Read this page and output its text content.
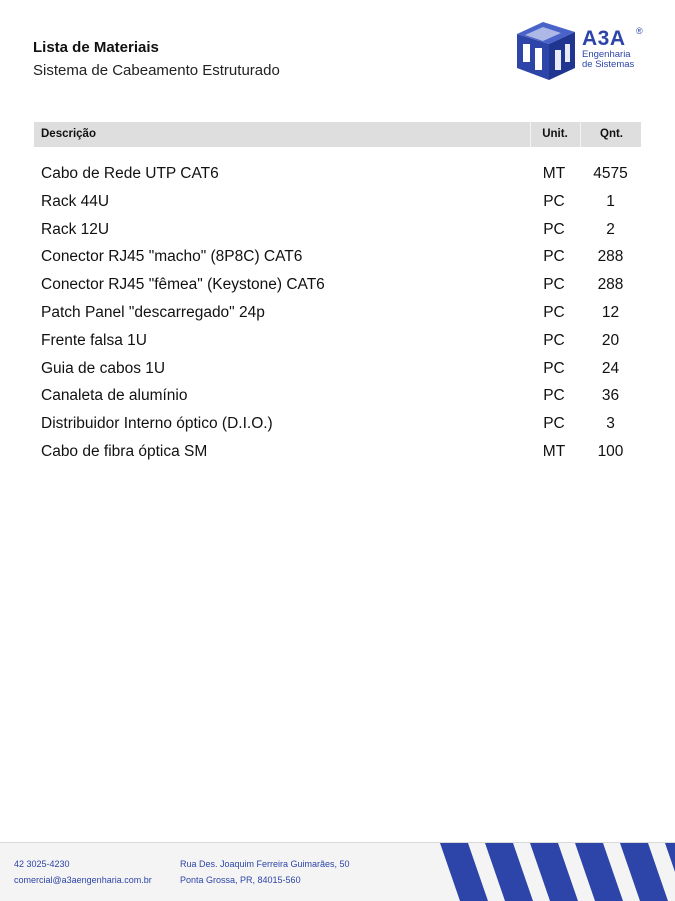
Lista de Materiais
Sistema de Cabeamento Estruturado
A3A ®
Engenharia
de Sistemas
Descrição	Unit.	Qnt.
Cabo de Rede UTP CAT6	MT	4575
Rack 44U	PC	1
Rack 12U	PC	2
Conector RJ45 "macho" (8P8C) CAT6	PC	288
Conector RJ45 "fêmea" (Keystone) CAT6	PC	288
Patch Panel "descarregado" 24p	PC	12
Frente falsa 1U	PC	20
Guia de cabos 1U	PC	24
Canaleta de alumínio	PC	36
Distribuidor Interno óptico (D.I.O.)	PC	3
Cabo de fibra óptica SM	MT	100
42 3025-4230
comercial@a3aengenharia.com.br
Rua Des. Joaquim Ferreira Guimarães, 50
Ponta Grossa, PR, 84015-560
